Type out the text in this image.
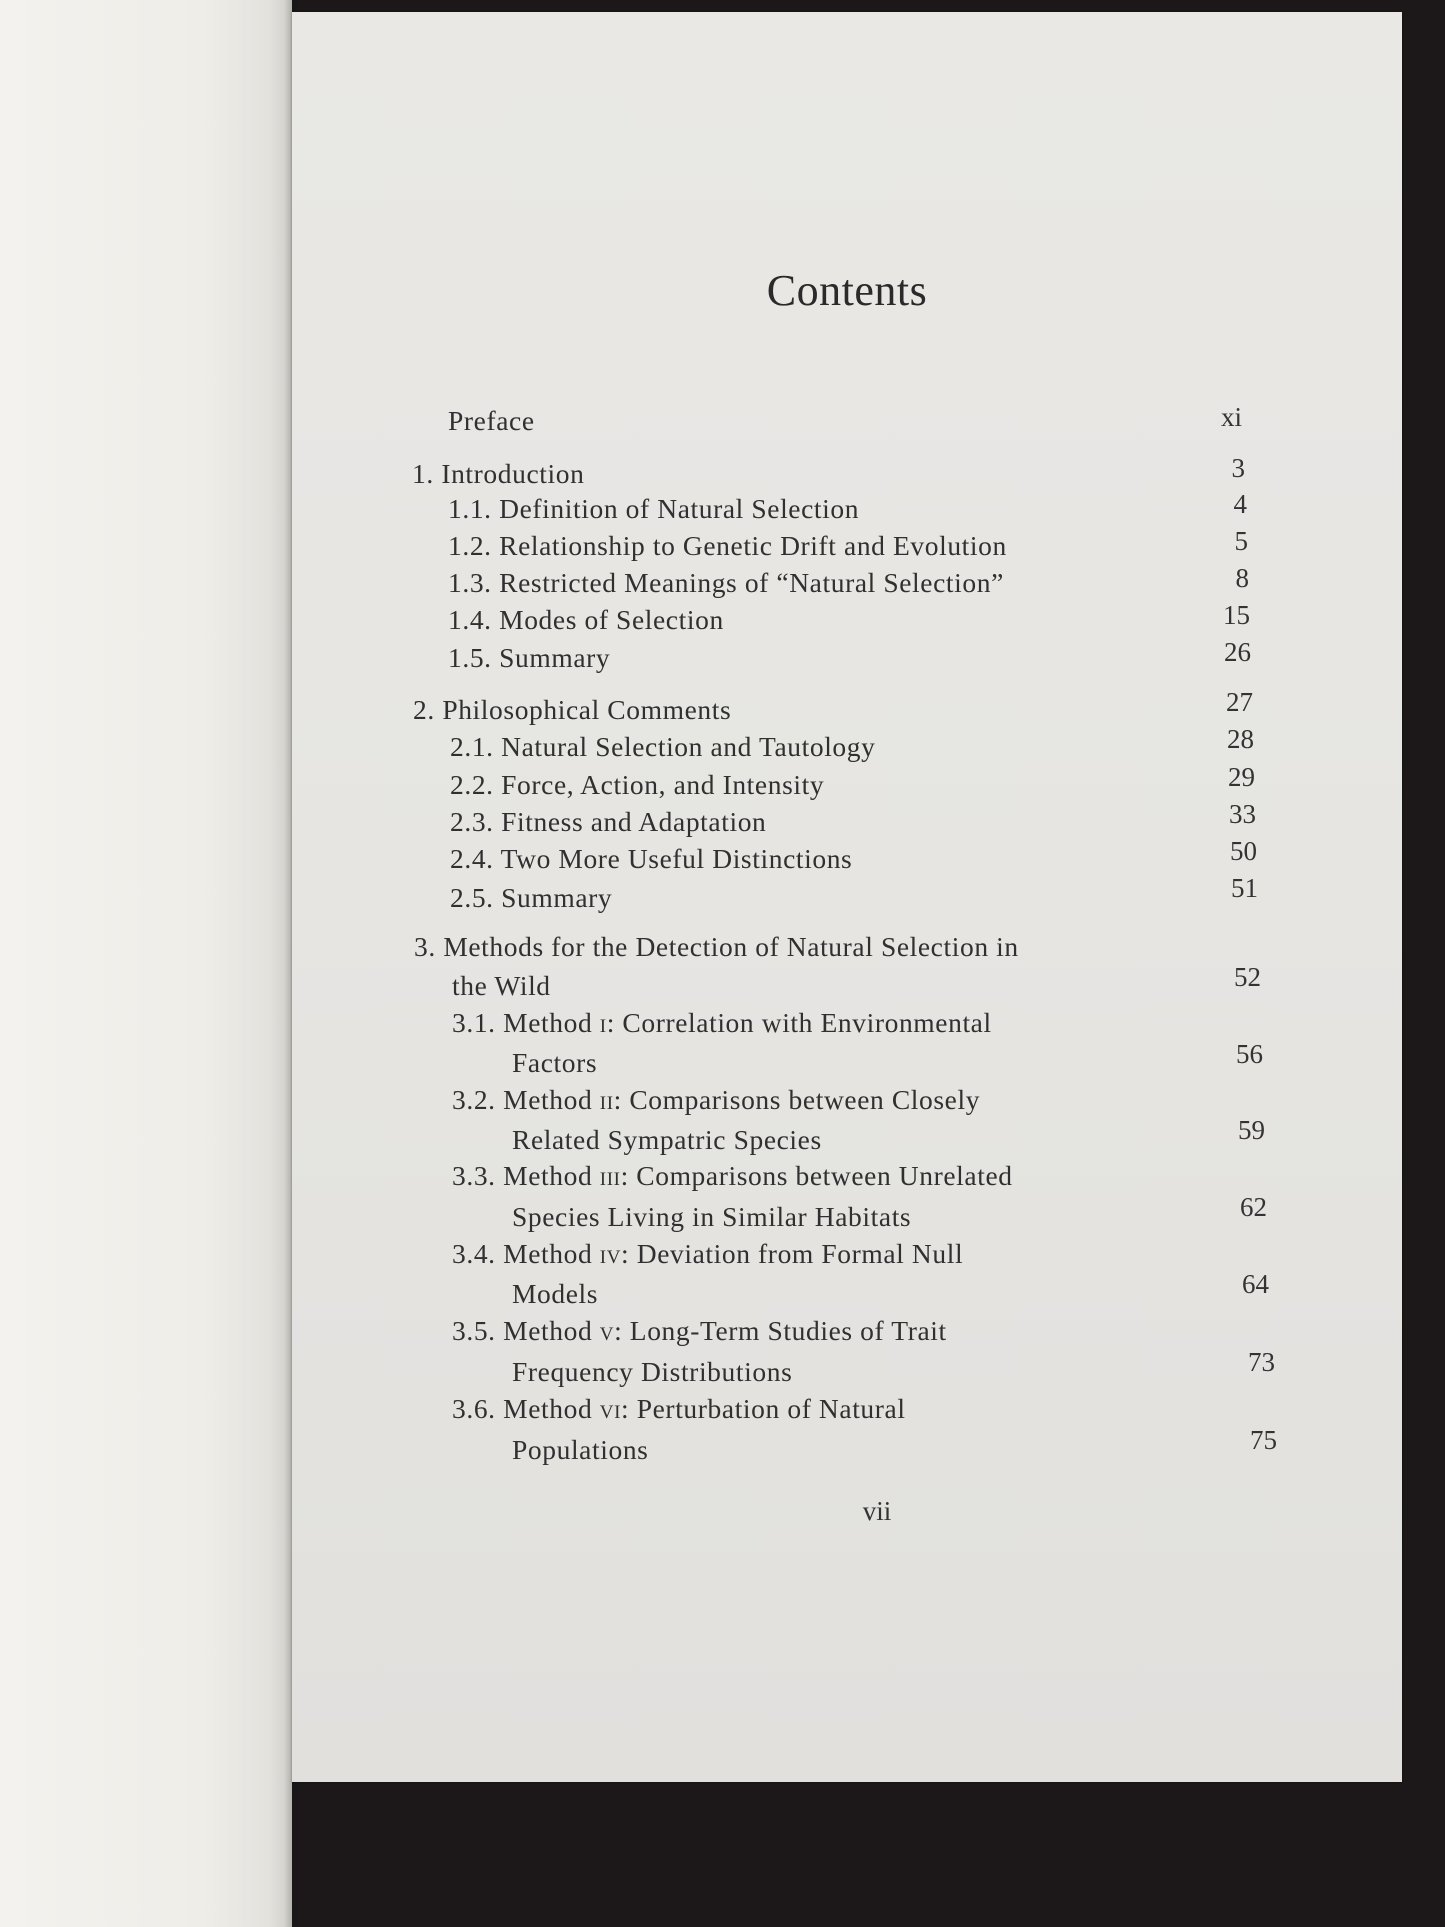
Contents
Preface	xi
1. Introduction	3
1.1. Definition of Natural Selection	4
1.2. Relationship to Genetic Drift and Evolution	5
1.3. Restricted Meanings of “Natural Selection”	8
1.4. Modes of Selection	15
1.5. Summary	26
2. Philosophical Comments	27
2.1. Natural Selection and Tautology	28
2.2. Force, Action, and Intensity	29
2.3. Fitness and Adaptation	33
2.4. Two More Useful Distinctions	50
2.5. Summary	51
3. Methods for the Detection of Natural Selection in
the Wild	52
3.1. Method i: Correlation with Environmental
Factors	56
3.2. Method ii: Comparisons between Closely
Related Sympatric Species	59
3.3. Method iii: Comparisons between Unrelated
Species Living in Similar Habitats	62
3.4. Method iv: Deviation from Formal Null
Models	64
3.5. Method v: Long-Term Studies of Trait
Frequency Distributions	73
3.6. Method vi: Perturbation of Natural
Populations	75
vii
